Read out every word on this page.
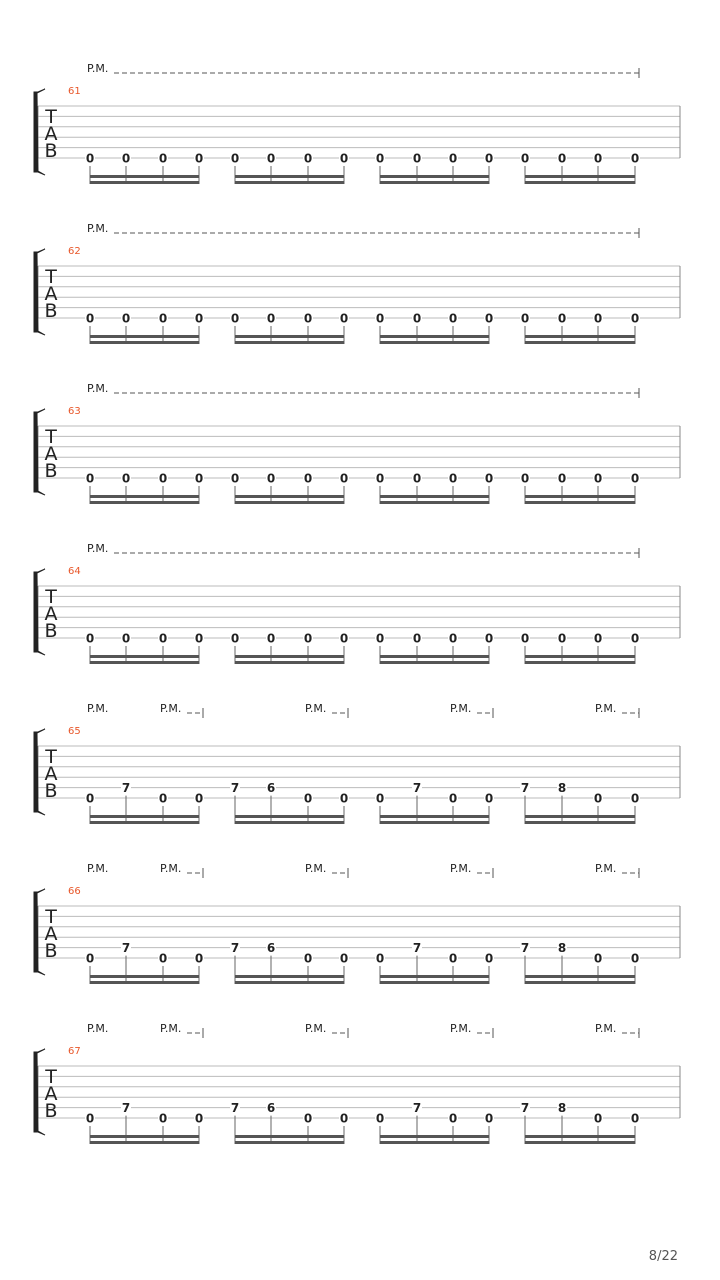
61
T
A
B
P.M.
0 0 0 0 0 0 0 0 0 0 0 0 0 0 0 0
62
T
A
B
P.M.
0 0 0 0 0 0 0 0 0 0 0 0 0 0 0 0
63
T
A
B
P.M.
0 0 0 0 0 0 0 0 0 0 0 0 0 0 0 0
64
T
A
B
P.M.
0 0 0 0 0 0 0 0 0 0 0 0 0 0 0 0
65
T
A
B
P.M.	P.M.	P.M.	P.M.	P.M.
0
7
0 0
7 6
0 0 0
7
0 0
7 8
0 0
66
T
A
B
P.M.	P.M.	P.M.	P.M.	P.M.
0
7
0 0
7 6
0 0 0
7
0 0
7 8
0 0
67
T
A
B
P.M.	P.M.	P.M.	P.M.	P.M.
0
7
0 0
7 6
0 0 0
7
0 0
7 8
0 0
8/22
